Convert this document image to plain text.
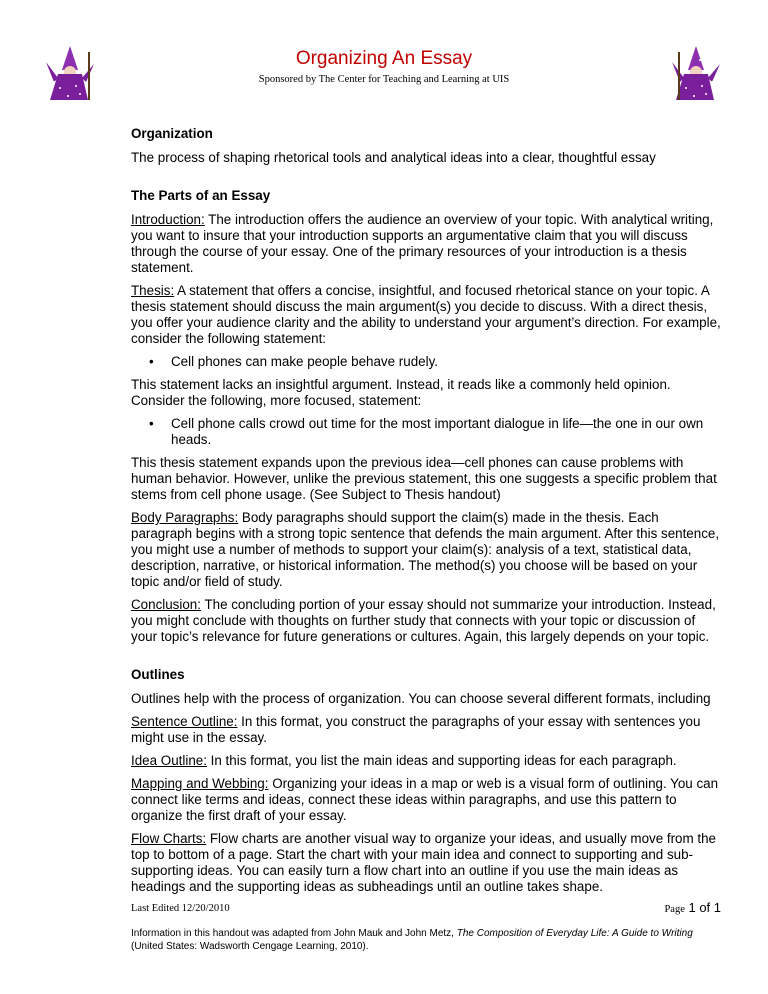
Organizing An Essay
Sponsored by The Center for Teaching and Learning at UIS
Organization

The process of shaping rhetorical tools and analytical ideas into a clear, thoughtful essay

The Parts of an Essay

Introduction: The introduction offers the audience an overview of your topic. With analytical writing, you want to insure that your introduction supports an argumentative claim that you will discuss through the course of your essay. One of the primary resources of your introduction is a thesis statement.

Thesis: A statement that offers a concise, insightful, and focused rhetorical stance on your topic. A thesis statement should discuss the main argument(s) you decide to discuss. With a direct thesis, you offer your audience clarity and the ability to understand your argument’s direction. For example, consider the following statement:

• Cell phones can make people behave rudely.

This statement lacks an insightful argument. Instead, it reads like a commonly held opinion. Consider the following, more focused, statement:

• Cell phone calls crowd out time for the most important dialogue in life—the one in our own heads.

This thesis statement expands upon the previous idea—cell phones can cause problems with human behavior. However, unlike the previous statement, this one suggests a specific problem that stems from cell phone usage. (See Subject to Thesis handout)

Body Paragraphs: Body paragraphs should support the claim(s) made in the thesis. Each paragraph begins with a strong topic sentence that defends the main argument. After this sentence, you might use a number of methods to support your claim(s): analysis of a text, statistical data, description, narrative, or historical information. The method(s) you choose will be based on your topic and/or field of study.

Conclusion: The concluding portion of your essay should not summarize your introduction. Instead, you might conclude with thoughts on further study that connects with your topic or discussion of your topic’s relevance for future generations or cultures. Again, this largely depends on your topic.

Outlines

Outlines help with the process of organization. You can choose several different formats, including

Sentence Outline: In this format, you construct the paragraphs of your essay with sentences you might use in the essay.

Idea Outline: In this format, you list the main ideas and supporting ideas for each paragraph.

Mapping and Webbing: Organizing your ideas in a map or web is a visual form of outlining. You can connect like terms and ideas, connect these ideas within paragraphs, and use this pattern to organize the first draft of your essay.

Flow Charts: Flow charts are another visual way to organize your ideas, and usually move from the top to bottom of a page. Start the chart with your main idea and connect to supporting and sub-supporting ideas. You can easily turn a flow chart into an outline if you use the main ideas as headings and the supporting ideas as subheadings until an outline takes shape.

Last Edited 12/20/2010	Page 1 of 1
Information in this handout was adapted from John Mauk and John Metz, The Composition of Everyday Life: A Guide to Writing (United States: Wadsworth Cengage Learning, 2010).
